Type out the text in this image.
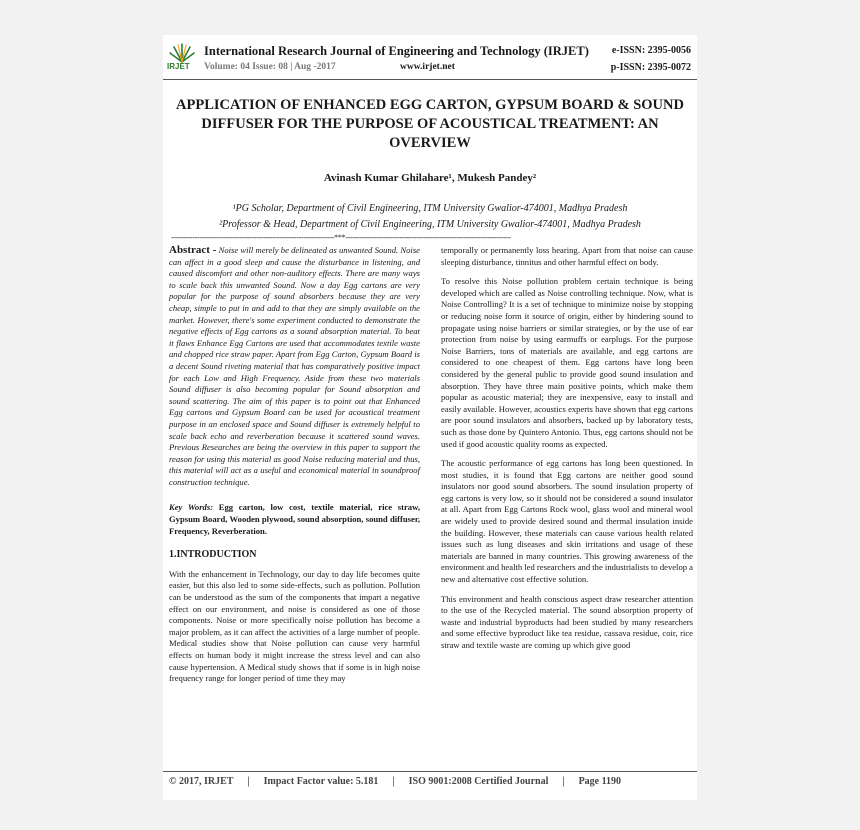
IRJET
International Research Journal of Engineering and Technology (IRJET) e-ISSN: 2395-0056
Volume: 04 Issue: 08 | Aug -2017	www.irjet.net	p-ISSN: 2395-0072
APPLICATION OF ENHANCED EGG CARTON, GYPSUM BOARD & SOUND DIFFUSER FOR THE PURPOSE OF ACOUSTICAL TREATMENT: AN OVERVIEW
Avinash Kumar Ghilahare¹, Mukesh Pandey²
¹PG Scholar, Department of Civil Engineering, ITM University Gwalior-474001, Madhya Pradesh
²Professor & Head, Department of Civil Engineering, ITM University Gwalior-474001, Madhya Pradesh
---------------------------------------------------------------------***----------------------------------------------------------------------

Abstract - Noise will merely be delineated as unwanted Sound. Noise can affect in a good sleep and cause the disturbance in listening, and caused discomfort and other non-auditory effects. There are many ways to scale back this unwanted Sound. Now a day Egg cartons are very popular for the purpose of sound absorbers because they are very cheap, simple to put in and add to that they are simply available on the market. However, there's some experiment conducted to demonstrate the negative effects of Egg cartons as a sound absorption material. To beat it flaws Enhance Egg Cartons are used that accommodates textile waste and chopped rice straw paper. Apart from Egg Carton, Gypsum Board is a decent Sound riveting material that has comparatively positive impact for each Low and High Frequency. Aside from these two materials Sound diffuser is also becoming popular for Sound absorption and sound scattering. The aim of this paper is to point out that Enhanced Egg cartons and Gypsum Board can be used for acoustical treatment purpose in an enclosed space and Sound diffuser is extremely helpful to scale back echo and reverberation because it scattered sound waves. Previous Researches are being the overview in this paper to support the reason for using this material as good Noise reducing material and thus, this material will act as a useful and economical material in soundproof construction technique.

Key Words: Egg carton, low cost, textile material, rice straw, Gypsum Board, Wooden plywood, sound absorption, sound diffuser, Frequency, Reverberation.

1.INTRODUCTION

With the enhancement in Technology, our day to day life becomes quite easier, but this also led to some side-effects, such as pollution. Pollution can be understood as the sum of the components that impart a negative effect on our environment, and noise is considered as one of those components. Noise or more specifically noise pollution has become a major problem, as it can affect the activities of a large number of people. Medical studies show that Noise pollution can cause very harmful effects on human body it might increase the stress level and can also cause hypertension. A Medical study shows that if some is in high noise frequency range for longer period of time they may

temporally or permanently loss hearing. Apart from that noise can cause sleeping disturbance, tinnitus and other harmful effect on body.

To resolve this Noise pollution problem certain technique is being developed which are called as Noise controlling technique. Now, what is Noise Controlling? It is a set of technique to minimize noise by stopping or reducing noise form it source of origin, either by hindering sound to propagate using noise barriers or similar strategies, or by the use of ear protection from noise by using earmuffs or earplugs. For the purpose Noise Barriers, tons of materials are available, and egg cartons are considered to one cheapest of them. Egg cartons have long been considered by the general public to provide good sound insulation and absorption. They have three main positive points, which make them popular as acoustic material; they are inexpensive, easy to install and easily available. However, acoustics experts have shown that egg cartons are poor sound insulators and absorbers, backed up by laboratory tests, such as those done by Quintero Antonio. Thus, egg cartons should not be used if good acoustic quality rooms as expected.

The acoustic performance of egg cartons has long been questioned. In most studies, it is found that Egg cartons are neither good sound insulators nor good sound absorbers. The sound insulation property of egg cartons is very low, so it should not be considered a sound insulator at all. Apart from Egg Cartons Rock wool, glass wool and mineral wool are widely used to provide desired sound and thermal insulation inside the building. However, these materials can cause various health related issues such as lung diseases and skin irritations and usage of these materials are banned in many countries. This growing awareness of the environment and health led researchers and the industrialists to develop a new and alternative cost effective solution.

This environment and health conscious aspect draw researcher attention to the use of the Recycled material. The sound absorption property of waste and industrial byproducts had been studied by many researchers and some effective byproduct like tea residue, cassava residue, coir, rice straw and textile waste are coming up which give good

© 2017, IRJET | Impact Factor value: 5.181 | ISO 9001:2008 Certified Journal | Page 1190
